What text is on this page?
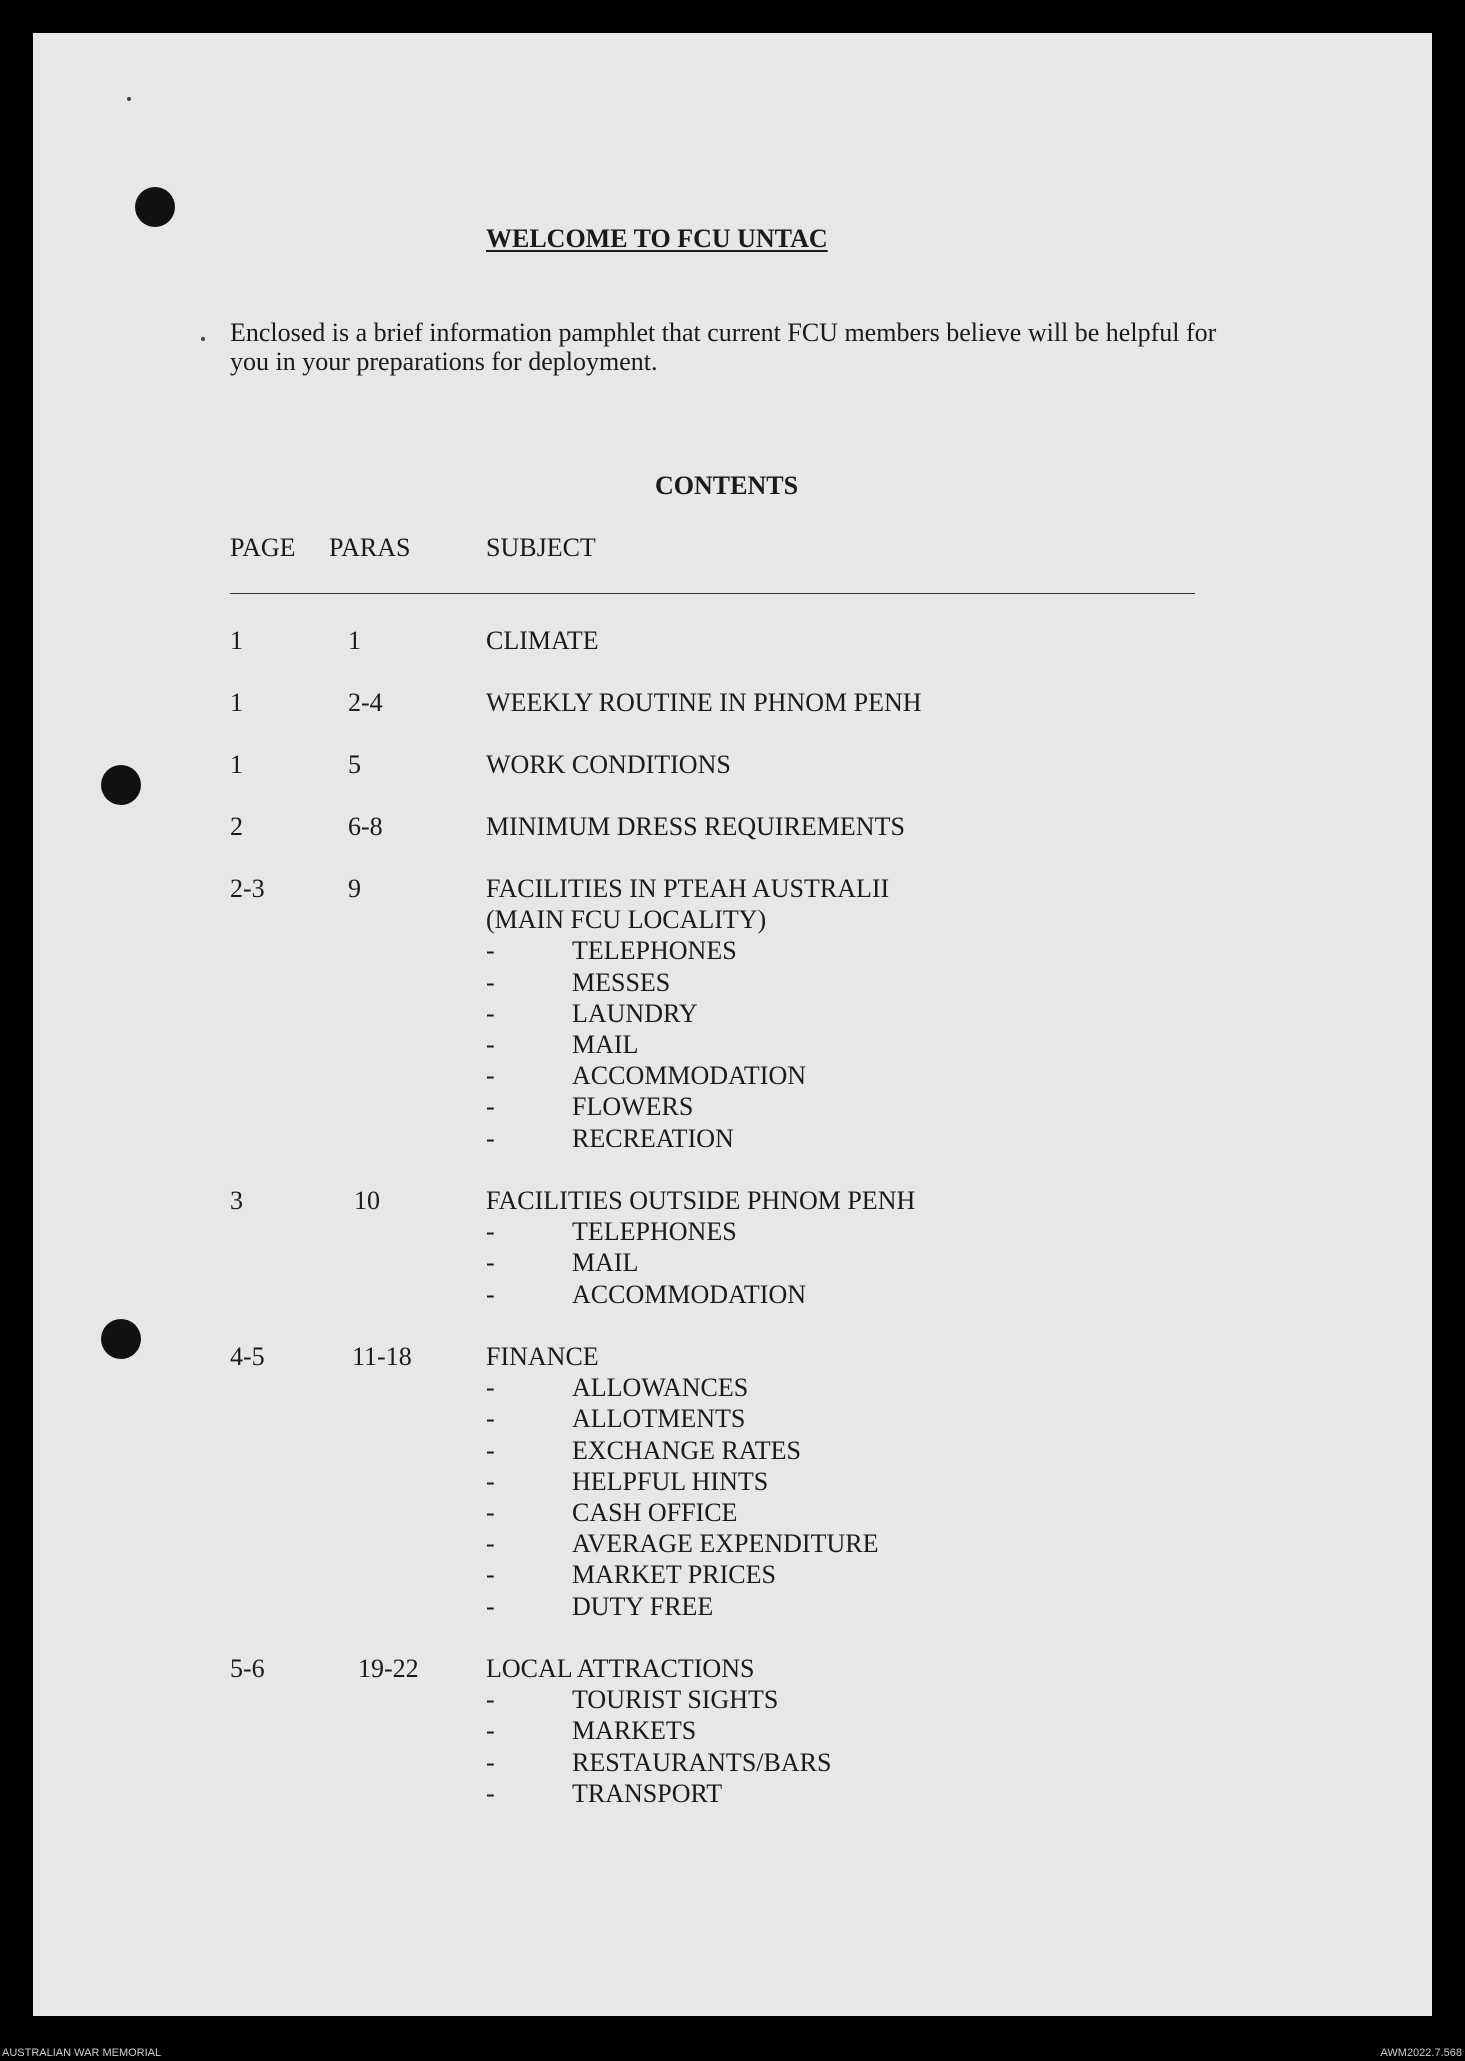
WELCOME TO FCU UNTAC
Enclosed is a brief information pamphlet that current FCU members believe will be helpful for
you in your preparations for deployment.
CONTENTS
PAGE PARAS	SUBJECT
1	1	CLIMATE
1	2-4	WEEKLY ROUTINE IN PHNOM PENH
1	5	WORK CONDITIONS
2	6-8	MINIMUM DRESS REQUIREMENTS
2-3	9	FACILITIES IN PTEAH AUSTRALII
(MAIN FCU LOCALITY)
-	TELEPHONES
-	MESSES
-	LAUNDRY
-	MAIL
-	ACCOMMODATION
-	FLOWERS
-	RECREATION
3	10	FACILITIES OUTSIDE PHNOM PENH
-	TELEPHONES
-	MAIL
-	ACCOMMODATION
4-5	11-18	FINANCE
-	ALLOWANCES
-	ALLOTMENTS
-	EXCHANGE RATES
-	HELPFUL HINTS
-	CASH OFFICE
-	AVERAGE EXPENDITURE
-	MARKET PRICES
-	DUTY FREE
5-6	19-22	LOCAL ATTRACTIONS
-	TOURIST SIGHTS
-	MARKETS
-	RESTAURANTS/BARS
-	TRANSPORT
AUSTRALIAN WAR MEMORIAL	AWM2022.7.568
